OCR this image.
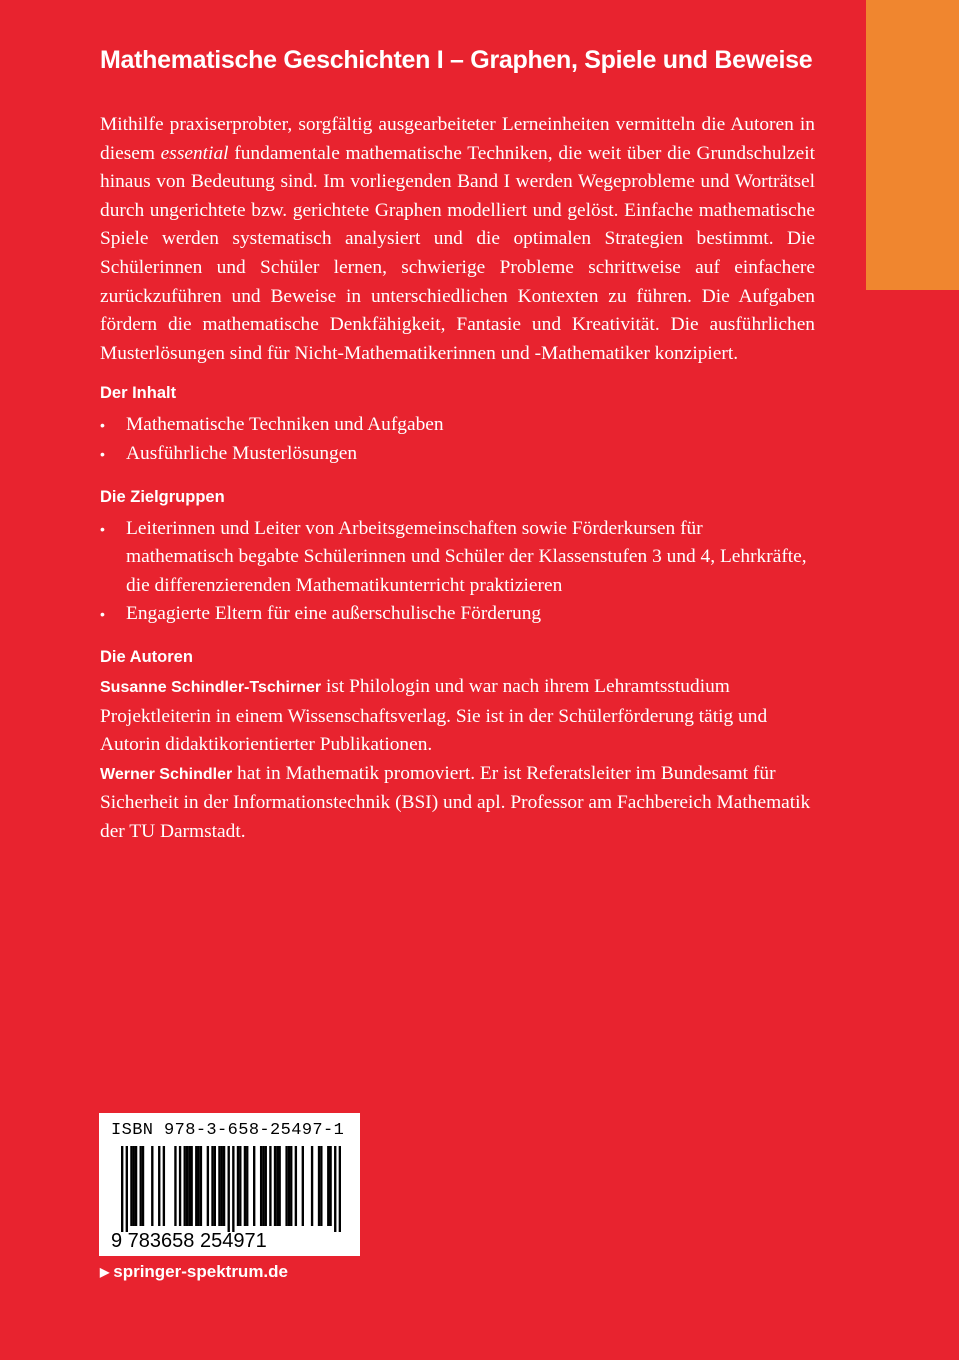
Mathematische Geschichten I – Graphen, Spiele und Beweise

Mithilfe praxiserprobter, sorgfältig ausgearbeiteter Lerneinheiten vermitteln die Autoren in diesem essential fundamentale mathematische Techniken, die weit über die Grundschulzeit hinaus von Bedeutung sind. Im vorliegenden Band I werden Wegeprobleme und Worträtsel durch ungerichtete bzw. gerichtete Graphen modelliert und gelöst. Einfache mathematische Spiele werden systematisch analysiert und die optimalen Strategien bestimmt. Die Schülerinnen und Schüler lernen, schwierige Probleme schrittweise auf einfachere zurückzuführen und Beweise in unterschiedlichen Kontexten zu führen. Die Aufgaben fördern die mathematische Denkfähigkeit, Fantasie und Kreativität. Die ausführlichen Musterlösungen sind für Nicht-Mathematikerinnen und -Mathematiker konzipiert.

Der Inhalt
• Mathematische Techniken und Aufgaben
• Ausführliche Musterlösungen
Die Zielgruppen
• Leiterinnen und Leiter von Arbeitsgemeinschaften sowie Förderkursen für mathematisch begabte Schülerinnen und Schüler der Klassenstufen 3 und 4, Lehrkräfte, die differenzierenden Mathematikunterricht praktizieren
• Engagierte Eltern für eine außerschulische Förderung
Die Autoren

Susanne Schindler-Tschirner ist Philologin und war nach ihrem Lehramtsstudium Projektleiterin in einem Wissenschaftsverlag. Sie ist in der Schülerförderung tätig und Autorin didaktikorientierter Publikationen.

Werner Schindler hat in Mathematik promoviert. Er ist Referatsleiter im Bundesamt für Sicherheit in der Informationstechnik (BSI) und apl. Professor am Fachbereich Mathematik der TU Darmstadt.

ISBN 978-3-658-25497-1
9 783658 254971
▶ springer-spektrum.de
